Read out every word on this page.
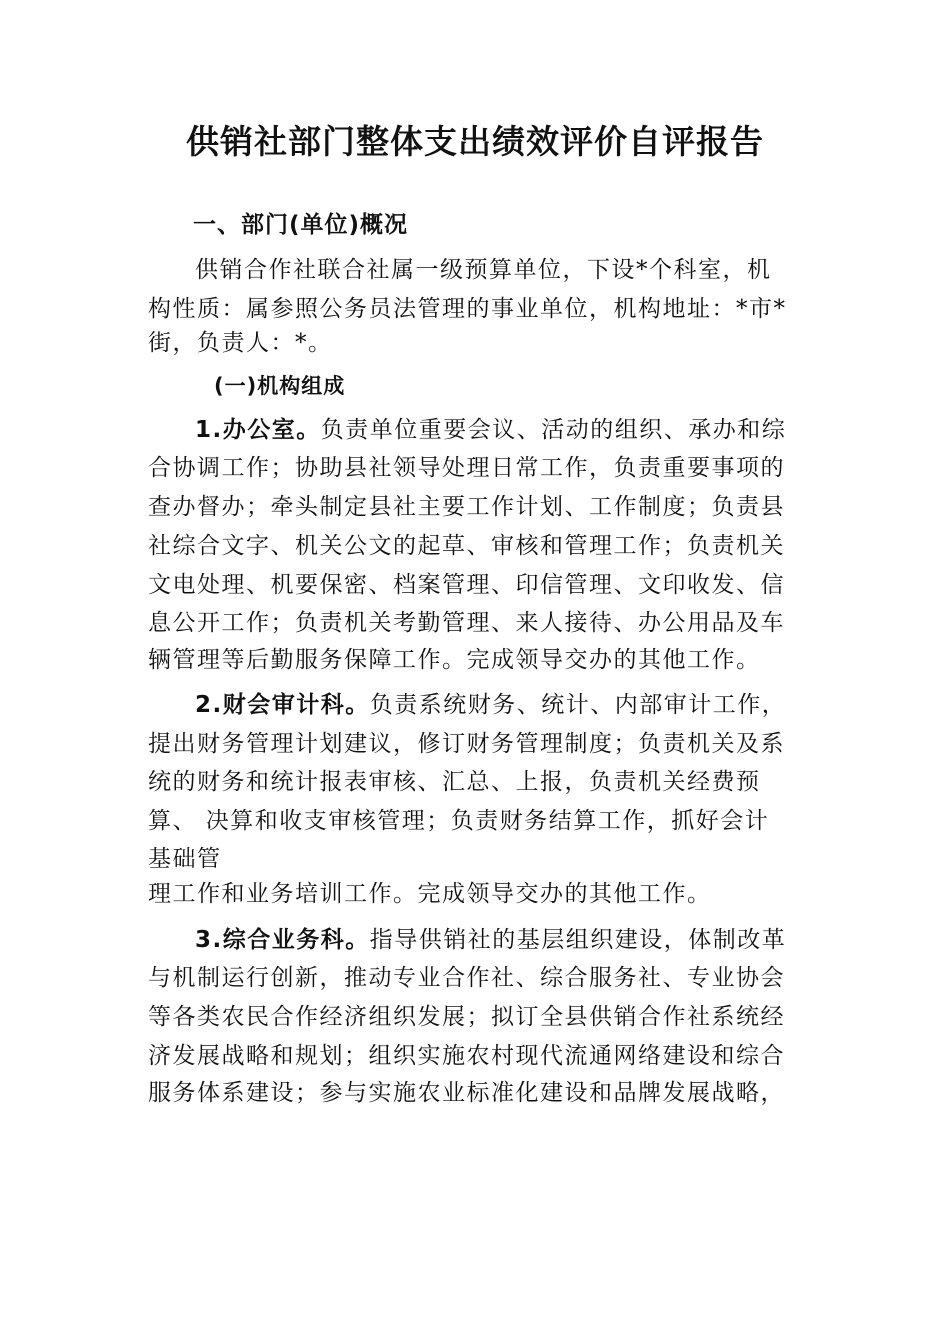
供销社部门整体支出绩效评价自评报告
一、部门(单位)概况
供销合作社联合社属一级预算单位，下设*个科室，机
构性质：属参照公务员法管理的事业单位，机构地址：*市*
街，负责人：*。
(一)机构组成
1.办公室。负责单位重要会议、活动的组织、承办和综
合协调工作；协助县社领导处理日常工作，负责重要事项的
查办督办；牵头制定县社主要工作计划、工作制度；负责县
社综合文字、机关公文的起草、审核和管理工作；负责机关
文电处理、机要保密、档案管理、印信管理、文印收发、信
息公开工作；负责机关考勤管理、来人接待、办公用品及车
辆管理等后勤服务保障工作。完成领导交办的其他工作。
2.财会审计科。负责系统财务、统计、内部审计工作，
提出财务管理计划建议，修订财务管理制度；负责机关及系
统的财务和统计报表审核、汇总、上报，负责机关经费预
算、 决算和收支审核管理；负责财务结算工作，抓好会计
基础管
理工作和业务培训工作。完成领导交办的其他工作。
3.综合业务科。指导供销社的基层组织建设，体制改革
与机制运行创新，推动专业合作社、综合服务社、专业协会
等各类农民合作经济组织发展；拟订全县供销合作社系统经
济发展战略和规划；组织实施农村现代流通网络建设和综合
服务体系建设；参与实施农业标准化建设和品牌发展战略，
